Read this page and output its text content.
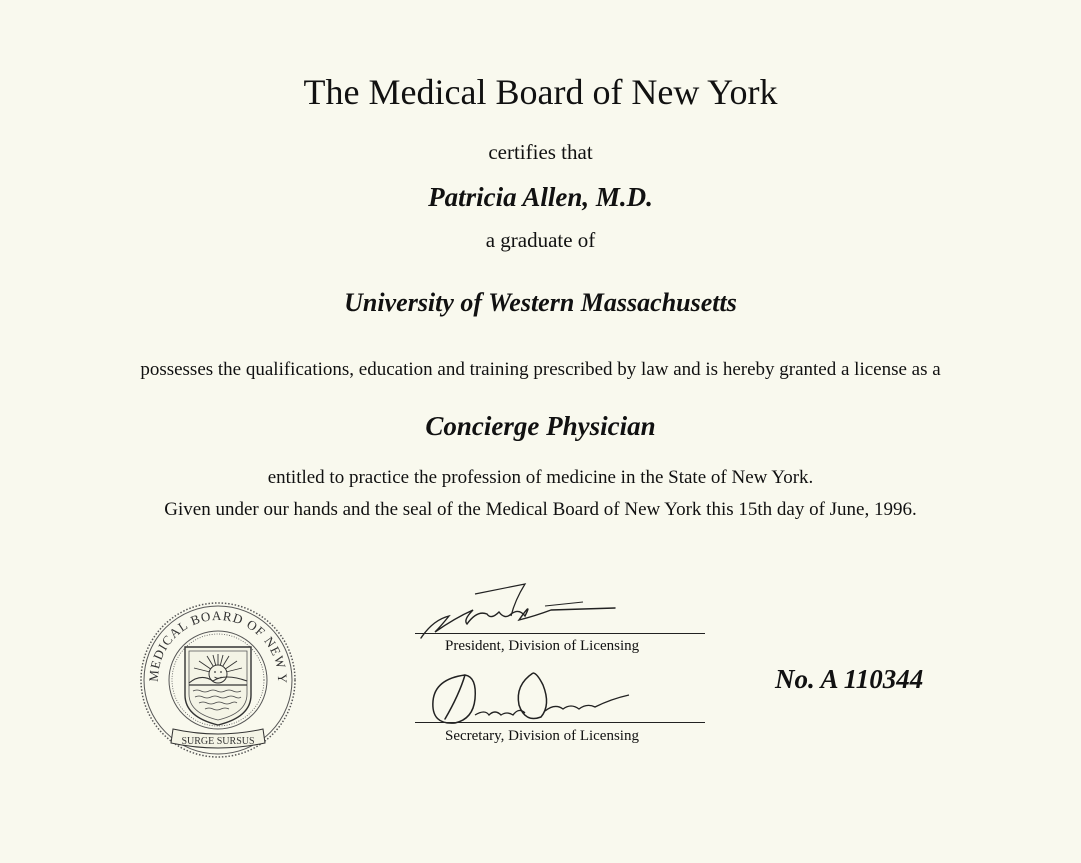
The Medical Board of New York
certifies that
Patricia Allen, M.D.
a graduate of
University of Western Massachusetts
possesses the qualifications, education and training prescribed by law and is hereby granted a license as a
Concierge Physician
entitled to practice the profession of medicine in the State of New York.
Given under our hands and the seal of the Medical Board of New York this 15th day of June, 1996.
MEDICAL BOARD OF NEW Y
SURGE SURSUS
President, Division of Licensing
Secretary, Division of Licensing
No. A 110344
